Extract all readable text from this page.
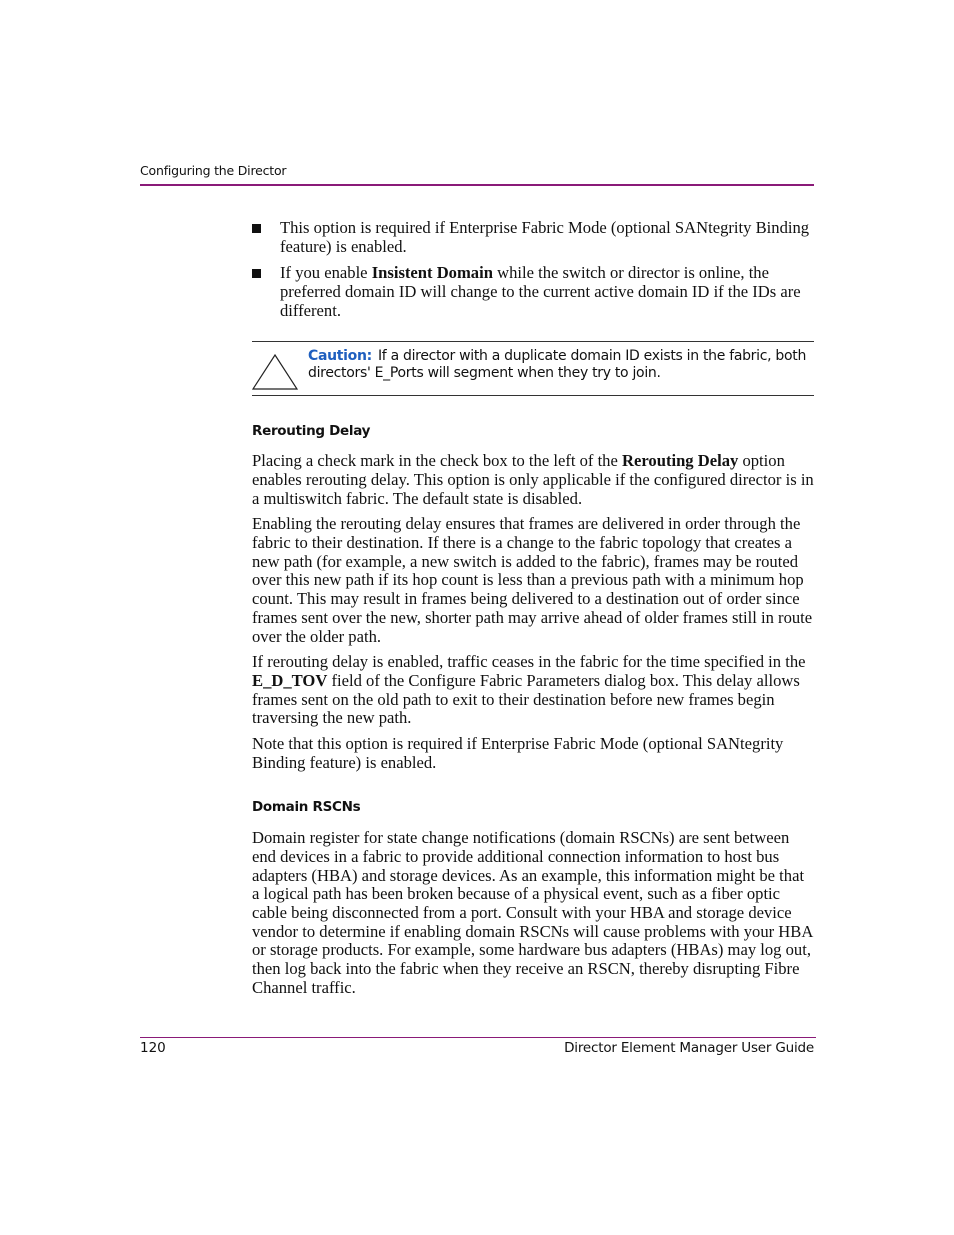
Configuring the Director
This option is required if Enterprise Fabric Mode (optional SANtegrity Binding feature) is enabled.
If you enable Insistent Domain while the switch or director is online, the preferred domain ID will change to the current active domain ID if the IDs are different.
Caution: If a director with a duplicate domain ID exists in the fabric, both directors' E_Ports will segment when they try to join.
Rerouting Delay

Placing a check mark in the check box to the left of the Rerouting Delay option enables rerouting delay. This option is only applicable if the configured director is in a multiswitch fabric. The default state is disabled.

Enabling the rerouting delay ensures that frames are delivered in order through the fabric to their destination. If there is a change to the fabric topology that creates a new path (for example, a new switch is added to the fabric), frames may be routed over this new path if its hop count is less than a previous path with a minimum hop count. This may result in frames being delivered to a destination out of order since frames sent over the new, shorter path may arrive ahead of older frames still in route over the older path.

If rerouting delay is enabled, traffic ceases in the fabric for the time specified in the E_D_TOV field of the Configure Fabric Parameters dialog box. This delay allows frames sent on the old path to exit to their destination before new frames begin traversing the new path.

Note that this option is required if Enterprise Fabric Mode (optional SANtegrity Binding feature) is enabled.

Domain RSCNs

Domain register for state change notifications (domain RSCNs) are sent between end devices in a fabric to provide additional connection information to host bus adapters (HBA) and storage devices. As an example, this information might be that a logical path has been broken because of a physical event, such as a fiber optic cable being disconnected from a port. Consult with your HBA and storage device vendor to determine if enabling domain RSCNs will cause problems with your HBA or storage products. For example, some hardware bus adapters (HBAs) may log out, then log back into the fabric when they receive an RSCN, thereby disrupting Fibre Channel traffic.

120	Director Element Manager User Guide
